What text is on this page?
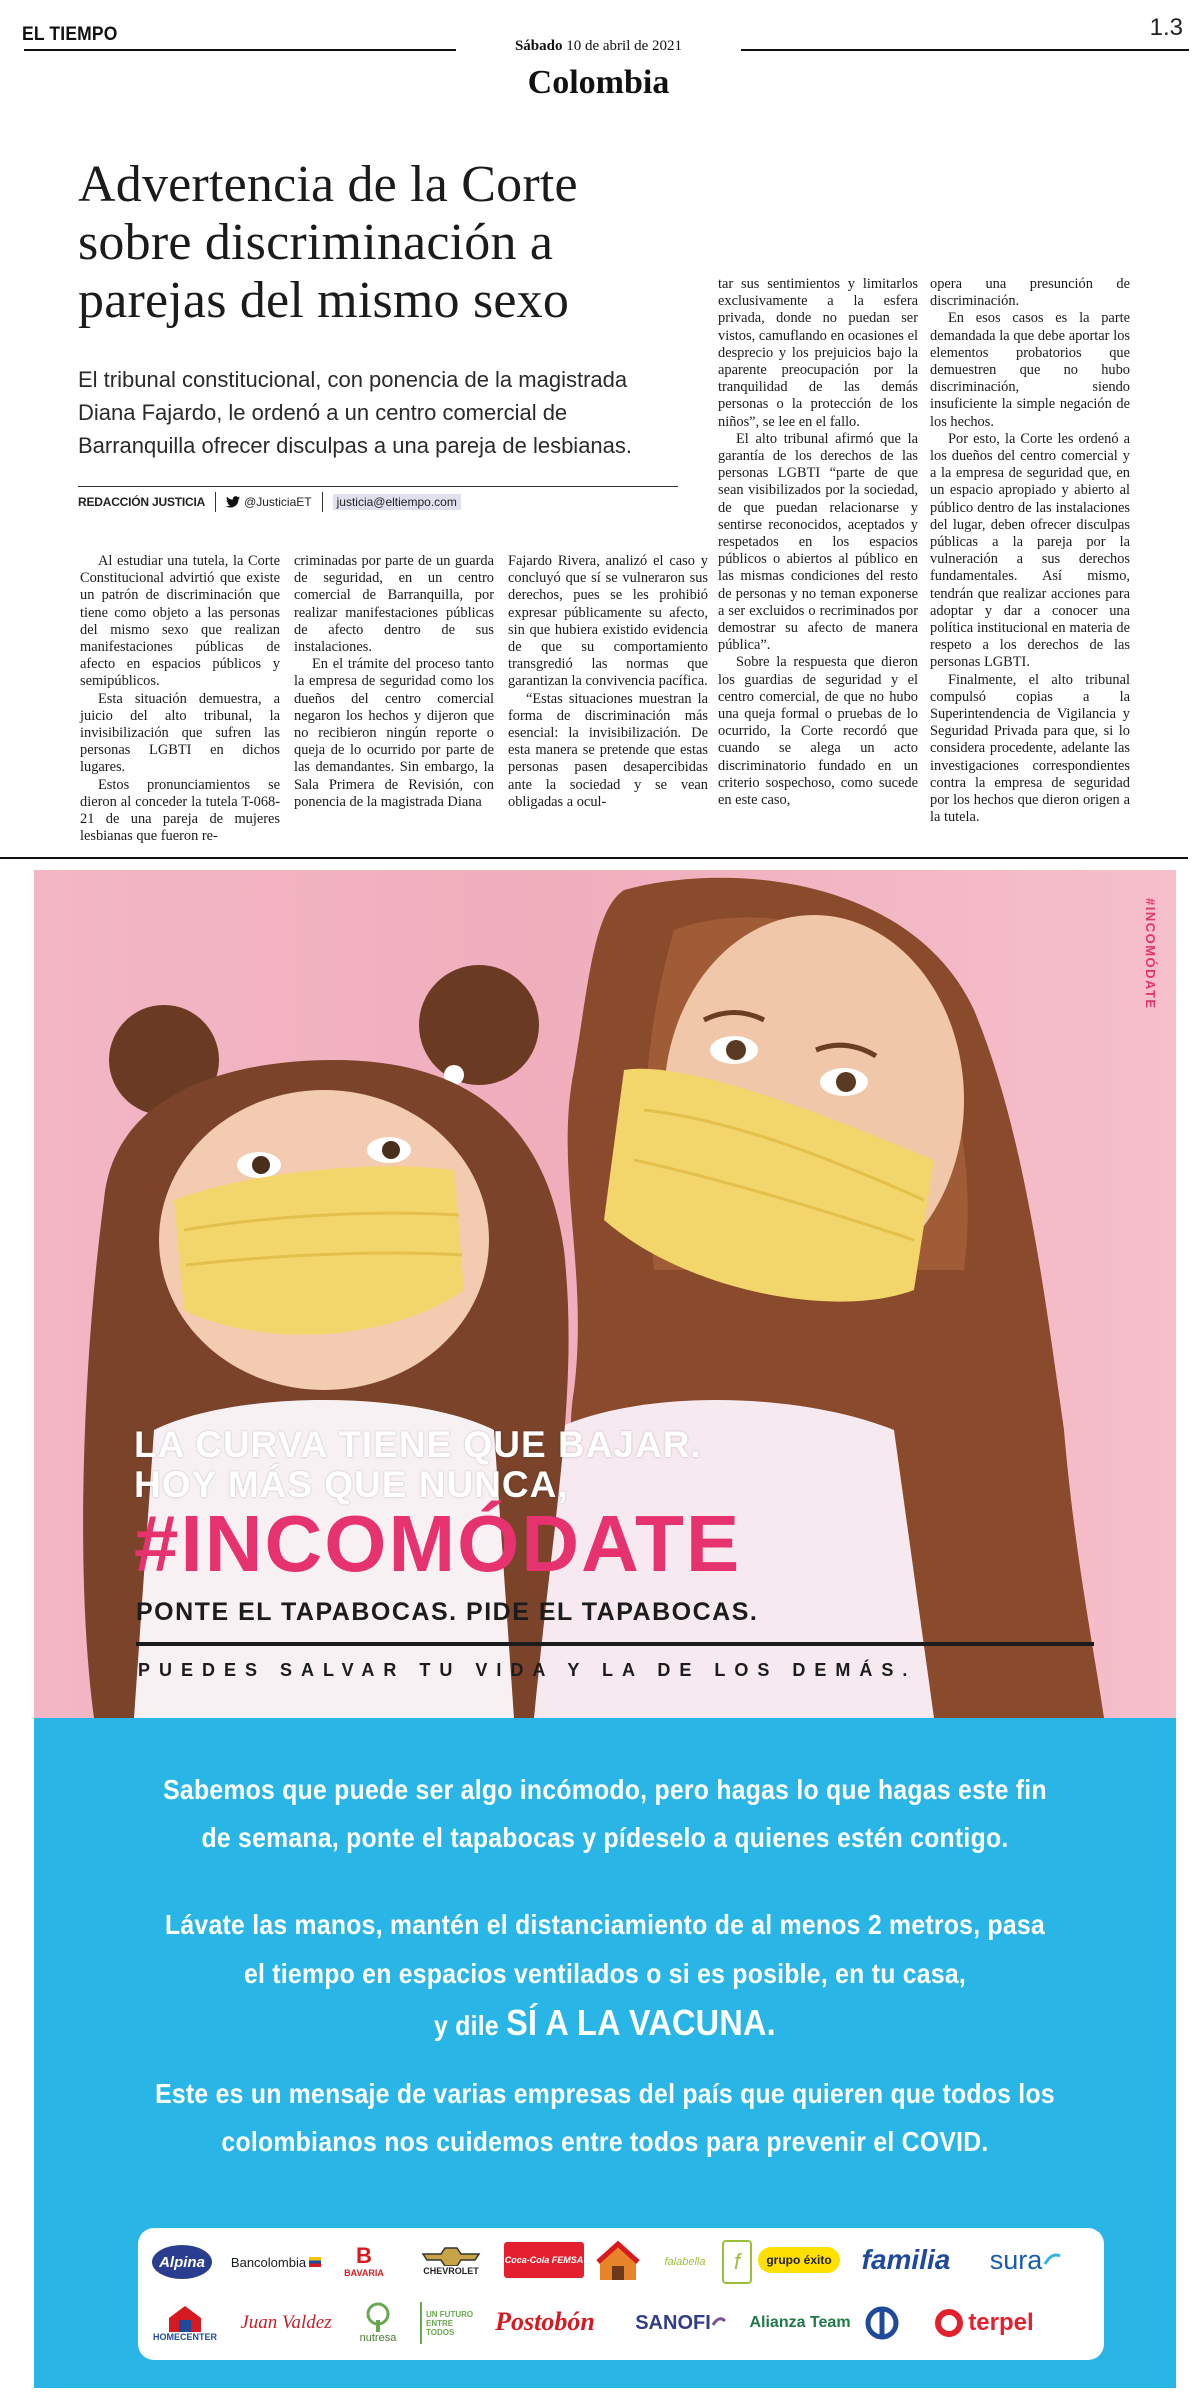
EL TIEMPO
Sábado 10 de abril de 2021
Colombia
1.3
Advertencia de la Corte
sobre discriminación a
parejas del mismo sexo
El tribunal constitucional, con ponencia de la magistrada Diana Fajardo, le ordenó a un centro comercial de Barranquilla ofrecer disculpas a una pareja de lesbianas.
REDACCIÓN JUSTICIA	@JusticiaET	justicia@eltiempo.com

Al estudiar una tutela, la Corte Constitucional advirtió que existe un patrón de discriminación que tiene como objeto a las personas del mismo sexo que realizan manifestaciones públicas de afecto en espacios públicos y semipúblicos.

Esta situación demuestra, a juicio del alto tribunal, la invisibilización que sufren las personas LGBTI en dichos lugares.

Estos pronunciamientos se dieron al conceder la tutela T-068-21 de una pareja de mujeres lesbianas que fueron re-

criminadas por parte de un guarda de seguridad, en un centro comercial de Barranquilla, por realizar manifestaciones públicas de afecto dentro de sus instalaciones.

En el trámite del proceso tanto la empresa de seguridad como los dueños del centro comercial negaron los hechos y dijeron que no recibieron ningún reporte o queja de lo ocurrido por parte de las demandantes. Sin embargo, la Sala Primera de Revisión, con ponencia de la magistrada Diana

Fajardo Rivera, analizó el caso y concluyó que sí se vulneraron sus derechos, pues se les prohibió expresar públicamente su afecto, sin que hubiera existido evidencia de que su comportamiento transgredió las normas que garantizan la convivencia pacífica.

“Estas situaciones muestran la forma de discriminación más esencial: la invisibilización. De esta manera se pretende que estas personas pasen desapercibidas ante la sociedad y se vean obligadas a ocul-

tar sus sentimientos y limitarlos exclusivamente a la esfera privada, donde no puedan ser vistos, camuflando en ocasiones el desprecio y los prejuicios bajo la aparente preocupación por la tranquilidad de las demás personas o la protección de los niños”, se lee en el fallo.

El alto tribunal afirmó que la garantía de los derechos de las personas LGBTI “parte de que sean visibilizados por la sociedad, de que puedan relacionarse y sentirse reconocidos, aceptados y respetados en los espacios públicos o abiertos al público en las mismas condiciones del resto de personas y no teman exponerse a ser excluidos o recriminados por demostrar su afecto de manera pública”.

Sobre la respuesta que dieron los guardias de seguridad y el centro comercial, de que no hubo una queja formal o pruebas de lo ocurrido, la Corte recordó que cuando se alega un acto discriminatorio fundado en un criterio sospechoso, como sucede en este caso,

opera una presunción de discriminación.

En esos casos es la parte demandada la que debe aportar los elementos probatorios que demuestren que no hubo discriminación, siendo insuficiente la simple negación de los hechos.

Por esto, la Corte les ordenó a los dueños del centro comercial y a la empresa de seguridad que, en un espacio apropiado y abierto al público dentro de las instalaciones del lugar, deben ofrecer disculpas públicas a la pareja por la vulneración a sus derechos fundamentales. Así mismo, tendrán que realizar acciones para adoptar y dar a conocer una política institucional en materia de respeto a los derechos de las personas LGBTI.

Finalmente, el alto tribunal compulsó copias a la Superintendencia de Vigilancia y Seguridad Privada para que, si lo considera procedente, adelante las investigaciones correspondientes contra la empresa de seguridad por los hechos que dieron origen a la tutela.

#INCOMÓDATE
LA CURVA TIENE QUE BAJAR.
HOY MÁS QUE NUNCA,
#INCOMÓDATE
PONTE EL TAPABOCAS. PIDE EL TAPABOCAS.
PUEDES SALVAR TU VIDA Y LA DE LOS DEMÁS.

Sabemos que puede ser algo incómodo, pero hagas lo que hagas este fin

de semana, ponte el tapabocas y pídeselo a quienes estén contigo.

Lávate las manos, mantén el distanciamiento de al menos 2 metros, pasa

el tiempo en espacios ventilados o si es posible, en tu casa,

y dile SÍ A LA VACUNA.

Este es un mensaje de varias empresas del país que quieren que todos los

colombianos nos cuidemos entre todos para prevenir el COVID.

Alpina Bancolombia B
BAVARIA	CHEVROLET
Coca-Cola FEMSA	falabella f	grupo éxito familia sura
HOMECENTER
Juan Valdez
nutresa
UN FUTURO ENTRE TODOS	Postobón SANOFI Alianza Team	terpel
